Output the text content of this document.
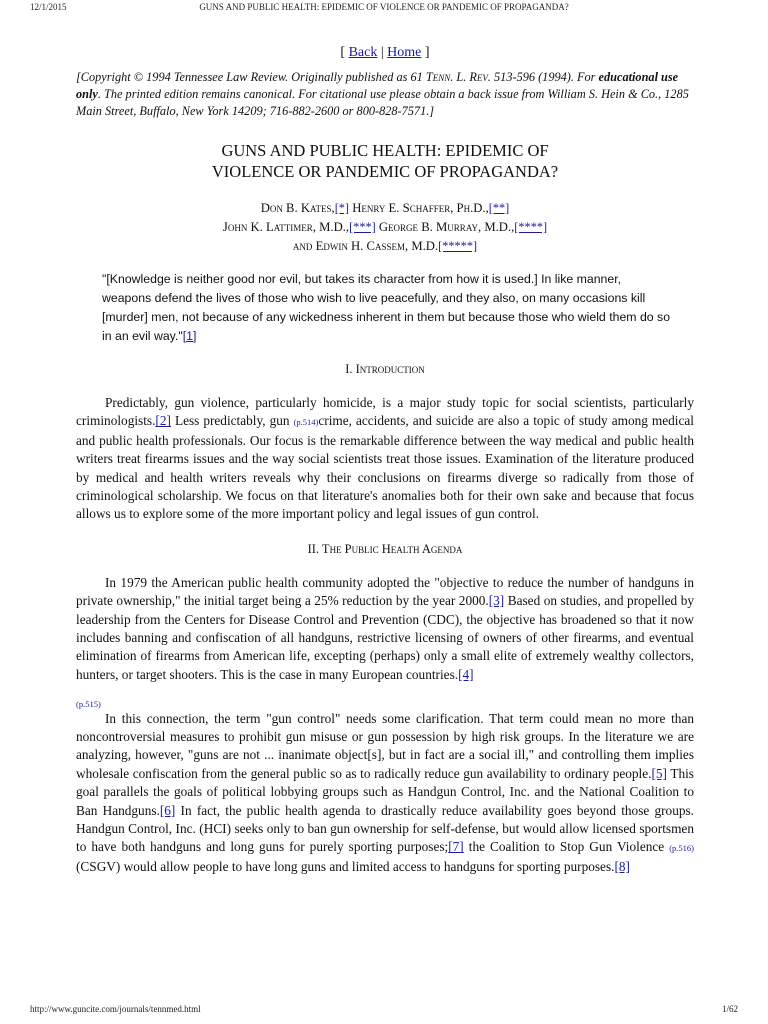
12/1/2015	GUNS AND PUBLIC HEALTH: EPIDEMIC OF VIOLENCE OR PANDEMIC OF PROPAGANDA?
[ Back | Home ]
[Copyright © 1994 Tennessee Law Review. Originally published as 61 Tenn. L. Rev. 513-596 (1994). For educational use only. The printed edition remains canonical. For citational use please obtain a back issue from William S. Hein & Co., 1285 Main Street, Buffalo, New York 14209; 716-882-2600 or 800-828-7571.]
GUNS AND PUBLIC HEALTH: EPIDEMIC OF
VIOLENCE OR PANDEMIC OF PROPAGANDA?
Don B. Kates,[*] Henry E. Schaffer, Ph.D.,[**]
John K. Lattimer, M.D.,[***] George B. Murray, M.D.,[****]
and Edwin H. Cassem, M.D.[*****]
"[Knowledge is neither good nor evil, but takes its character from how it is used.] In like manner, weapons defend the lives of those who wish to live peacefully, and they also, on many occasions kill [murder] men, not because of any wickedness inherent in them but because those who wield them do so in an evil way."[1]
I. Introduction

Predictably, gun violence, particularly homicide, is a major study topic for social scientists, particularly criminologists.[2] Less predictably, gun (p.514)crime, accidents, and suicide are also a topic of study among medical and public health professionals. Our focus is the remarkable difference between the way medical and public health writers treat firearms issues and the way social scientists treat those issues. Examination of the literature produced by medical and health writers reveals why their conclusions on firearms diverge so radically from those of criminological scholarship. We focus on that literature's anomalies both for their own sake and because that focus allows us to explore some of the more important policy and legal issues of gun control.

II. The Public Health Agenda

In 1979 the American public health community adopted the "objective to reduce the number of handguns in private ownership," the initial target being a 25% reduction by the year 2000.[3] Based on studies, and propelled by leadership from the Centers for Disease Control and Prevention (CDC), the objective has broadened so that it now includes banning and confiscation of all handguns, restrictive licensing of owners of other firearms, and eventual elimination of firearms from American life, excepting (perhaps) only a small elite of extremely wealthy collectors, hunters, or target shooters. This is the case in many European countries.[4]

(p.515)

In this connection, the term "gun control" needs some clarification. That term could mean no more than noncontroversial measures to prohibit gun misuse or gun possession by high risk groups. In the literature we are analyzing, however, "guns are not ... inanimate object[s], but in fact are a social ill," and controlling them implies wholesale confiscation from the general public so as to radically reduce gun availability to ordinary people.[5] This goal parallels the goals of political lobbying groups such as Handgun Control, Inc. and the National Coalition to Ban Handguns.[6] In fact, the public health agenda to drastically reduce availability goes beyond those groups. Handgun Control, Inc. (HCI) seeks only to ban gun ownership for self-defense, but would allow licensed sportsmen to have both handguns and long guns for purely sporting purposes;[7] the Coalition to Stop Gun Violence (p.516)(CSGV) would allow people to have long guns and limited access to handguns for sporting purposes.[8]

http://www.guncite.com/journals/tennmed.html	1/62
